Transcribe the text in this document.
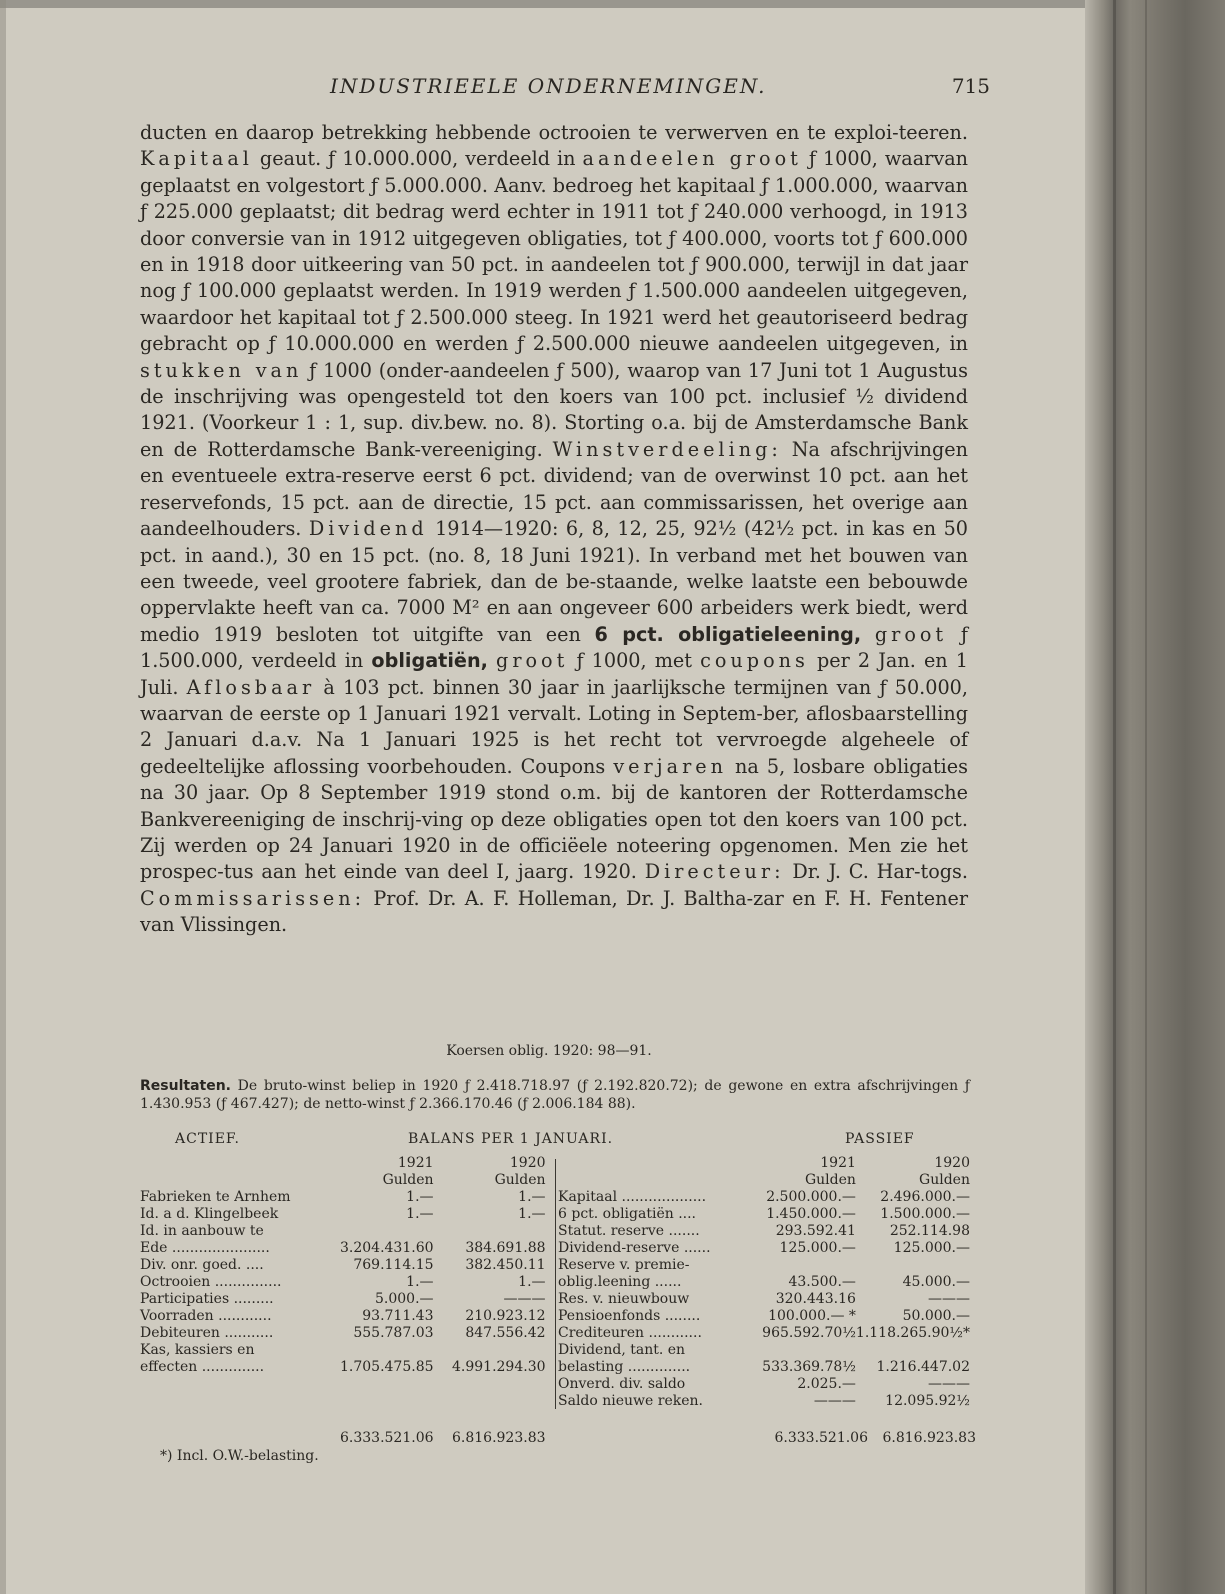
INDUSTRIEELE ONDERNEMINGEN.	715

ducten en daarop betrekking hebbende octrooien te verwerven en te exploi-teeren. Kapitaal geaut. ƒ 10.000.000, verdeeld in aandeelen groot ƒ 1000, waarvan geplaatst en volgestort ƒ 5.000.000. Aanv. bedroeg het kapitaal ƒ 1.000.000, waarvan ƒ 225.000 geplaatst; dit bedrag werd echter in 1911 tot ƒ 240.000 verhoogd, in 1913 door conversie van in 1912 uitgegeven obligaties, tot ƒ 400.000, voorts tot ƒ 600.000 en in 1918 door uitkeering van 50 pct. in aandeelen tot ƒ 900.000, terwijl in dat jaar nog ƒ 100.000 geplaatst werden. In 1919 werden ƒ 1.500.000 aandeelen uitgegeven, waardoor het kapitaal tot ƒ 2.500.000 steeg. In 1921 werd het geautoriseerd bedrag gebracht op ƒ 10.000.000 en werden ƒ 2.500.000 nieuwe aandeelen uitgegeven, in stukken van ƒ 1000 (onder-aandeelen ƒ 500), waarop van 17 Juni tot 1 Augustus de inschrijving was opengesteld tot den koers van 100 pct. inclusief ½ dividend 1921. (Voorkeur 1 : 1, sup. div.bew. no. 8). Storting o.a. bij de Amsterdamsche Bank en de Rotterdamsche Bank-vereeniging. Winstverdeeling: Na afschrijvingen en eventueele extra-reserve eerst 6 pct. dividend; van de overwinst 10 pct. aan het reservefonds, 15 pct. aan de directie, 15 pct. aan commissarissen, het overige aan aandeelhouders. Dividend 1914—1920: 6, 8, 12, 25, 92½ (42½ pct. in kas en 50 pct. in aand.), 30 en 15 pct. (no. 8, 18 Juni 1921). In verband met het bouwen van een tweede, veel grootere fabriek, dan de be-staande, welke laatste een bebouwde oppervlakte heeft van ca. 7000 M² en aan ongeveer 600 arbeiders werk biedt, werd medio 1919 besloten tot uitgifte van een 6 pct. obligatieleening, groot ƒ 1.500.000, verdeeld in obligatiën, groot ƒ 1000, met coupons per 2 Jan. en 1 Juli. Aflosbaar à 103 pct. binnen 30 jaar in jaarlijksche termijnen van ƒ 50.000, waarvan de eerste op 1 Januari 1921 vervalt. Loting in Septem-ber, aflosbaarstelling 2 Januari d.a.v. Na 1 Januari 1925 is het recht tot vervroegde algeheele of gedeeltelijke aflossing voorbehouden. Coupons verjaren na 5, losbare obligaties na 30 jaar. Op 8 September 1919 stond o.m. bij de kantoren der Rotterdamsche Bankvereeniging de inschrij-ving op deze obligaties open tot den koers van 100 pct. Zij werden op 24 Januari 1920 in de officiëele noteering opgenomen. Men zie het prospec-tus aan het einde van deel I, jaarg. 1920. Directeur: Dr. J. C. Har-togs. Commissarissen: Prof. Dr. A. F. Holleman, Dr. J. Baltha-zar en F. H. Fentener van Vlissingen.

Koersen oblig. 1920: 98—91.
Resultaten. De bruto-winst beliep in 1920 ƒ 2.418.718.97 (ƒ 2.192.820.72); de gewone en extra afschrijvingen ƒ 1.430.953 (ƒ 467.427); de netto-winst ƒ 2.366.170.46 (ƒ 2.006.184 88).
ACTIEF.	BALANS PER 1 JANUARI.	PASSIEF
	1921	1920
	Gulden	Gulden
Fabrieken te Arnhem	1.—	1.—
Id. a d. Klingelbeek	1.—	1.—
Id. in aanbouw te		
Ede ......................	3.204.431.60	384.691.88
Div. onr. goed. ....	769.114.15	382.450.11
Octrooien ...............	1.—	1.—
Participaties .........	5.000.—	———
Voorraden ............	93.711.43	210.923.12
Debiteuren ...........	555.787.03	847.556.42
Kas, kassiers en		
effecten ..............	1.705.475.85	4.991.294.30
	1921	1920
	Gulden	Gulden
Kapitaal ...................	2.500.000.—	2.496.000.—
6 pct. obligatiën ....	1.450.000.—	1.500.000.—
Statut. reserve .......	293.592.41	252.114.98
Dividend-reserve ......	125.000.—	125.000.—
Reserve v. premie-		
oblig.leening ......	43.500.—	45.000.—
Res. v. nieuwbouw	320.443.16	———
Pensioenfonds ........	100.000.— *	50.000.—
Crediteuren ............	965.592.70½	1.118.265.90½*
Dividend, tant. en		
belasting ..............	533.369.78½	1.216.447.02
Onverd. div. saldo	2.025.—	———
Saldo nieuwe reken.	———	12.095.92½
	6.333.521.06	6.816.923.83
		6.333.521.06	6.816.923.83
*) Incl. O.W.-belasting.
